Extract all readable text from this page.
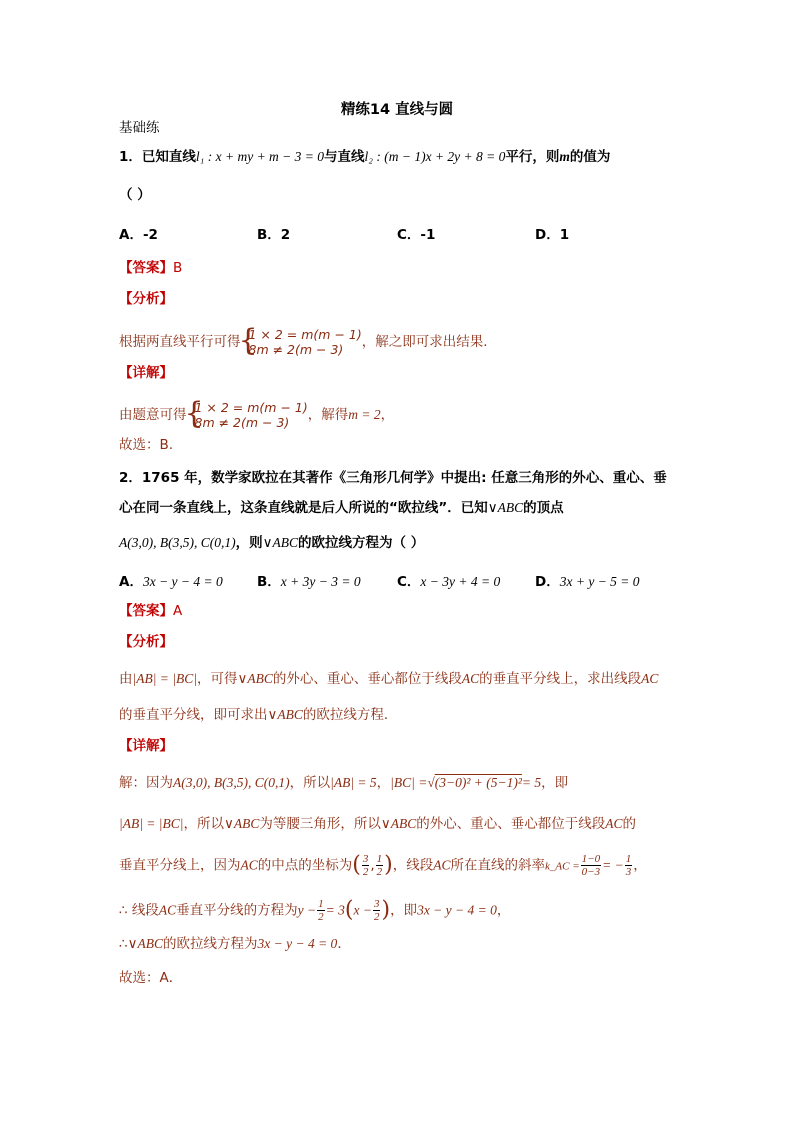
精练14 直线与圆
基础练
1．已知直线l₁ : x + my + m − 3 = 0与直线l₂ : (m − 1)x + 2y + 8 = 0平行，则m的值为
（ ）
A．-2	B．2	C．-1	D．1
【答案】B
【分析】
根据两直线平行可得
{
1 × 2 = m(m − 1)
8m ≠ 2(m − 3)	，解之即可求出结果.
【详解】
由题意可得
{
1 × 2 = m(m − 1)
8m ≠ 2(m − 3)	，解得m = 2，
故选：B.
2．1765 年，数学家欧拉在其著作《三角形几何学》中提出: 任意三角形的外心、重心、垂
心在同一条直线上，这条直线就是后人所说的“欧拉线”．已知∨ABC的顶点
A(3,0), B(3,5), C(0,1)，则∨ABC的欧拉线方程为（ ）
A．3x − y − 4 = 0	B．x + 3y − 3 = 0	C．x − 3y + 4 = 0	D．3x + y − 5 = 0
【答案】A
【分析】
由|AB| = |BC|，可得∨ABC的外心、重心、垂心都位于线段AC的垂直平分线上，求出线段AC
的垂直平分线，即可求出∨ABC的欧拉线方程．
【详解】
解：因为A(3,0), B(3,5), C(0,1)，所以|AB| = 5，|BC| =√(3−0)² + (5−1)²= 5，即
|AB| = |BC|，所以∨ABC为等腰三角形，所以∨ABC的外心、重心、垂心都位于线段AC的
垂直平分线上，因为AC的中点的坐标为( $\frac{3}{2}$ , $\frac{1}{2}$ )，线段AC所在直线的斜率k_AC = $\frac{1-0}{0-3}$ = − $\frac{1}{3}$ ，
∴ 线段AC垂直平分线的方程为$y - \frac{1}{2} = 3(x - \frac{3}{2}$ )，即3x − y − 4 = 0，
∴∨ABC的欧拉线方程为3x − y − 4 = 0．
故选：A．
